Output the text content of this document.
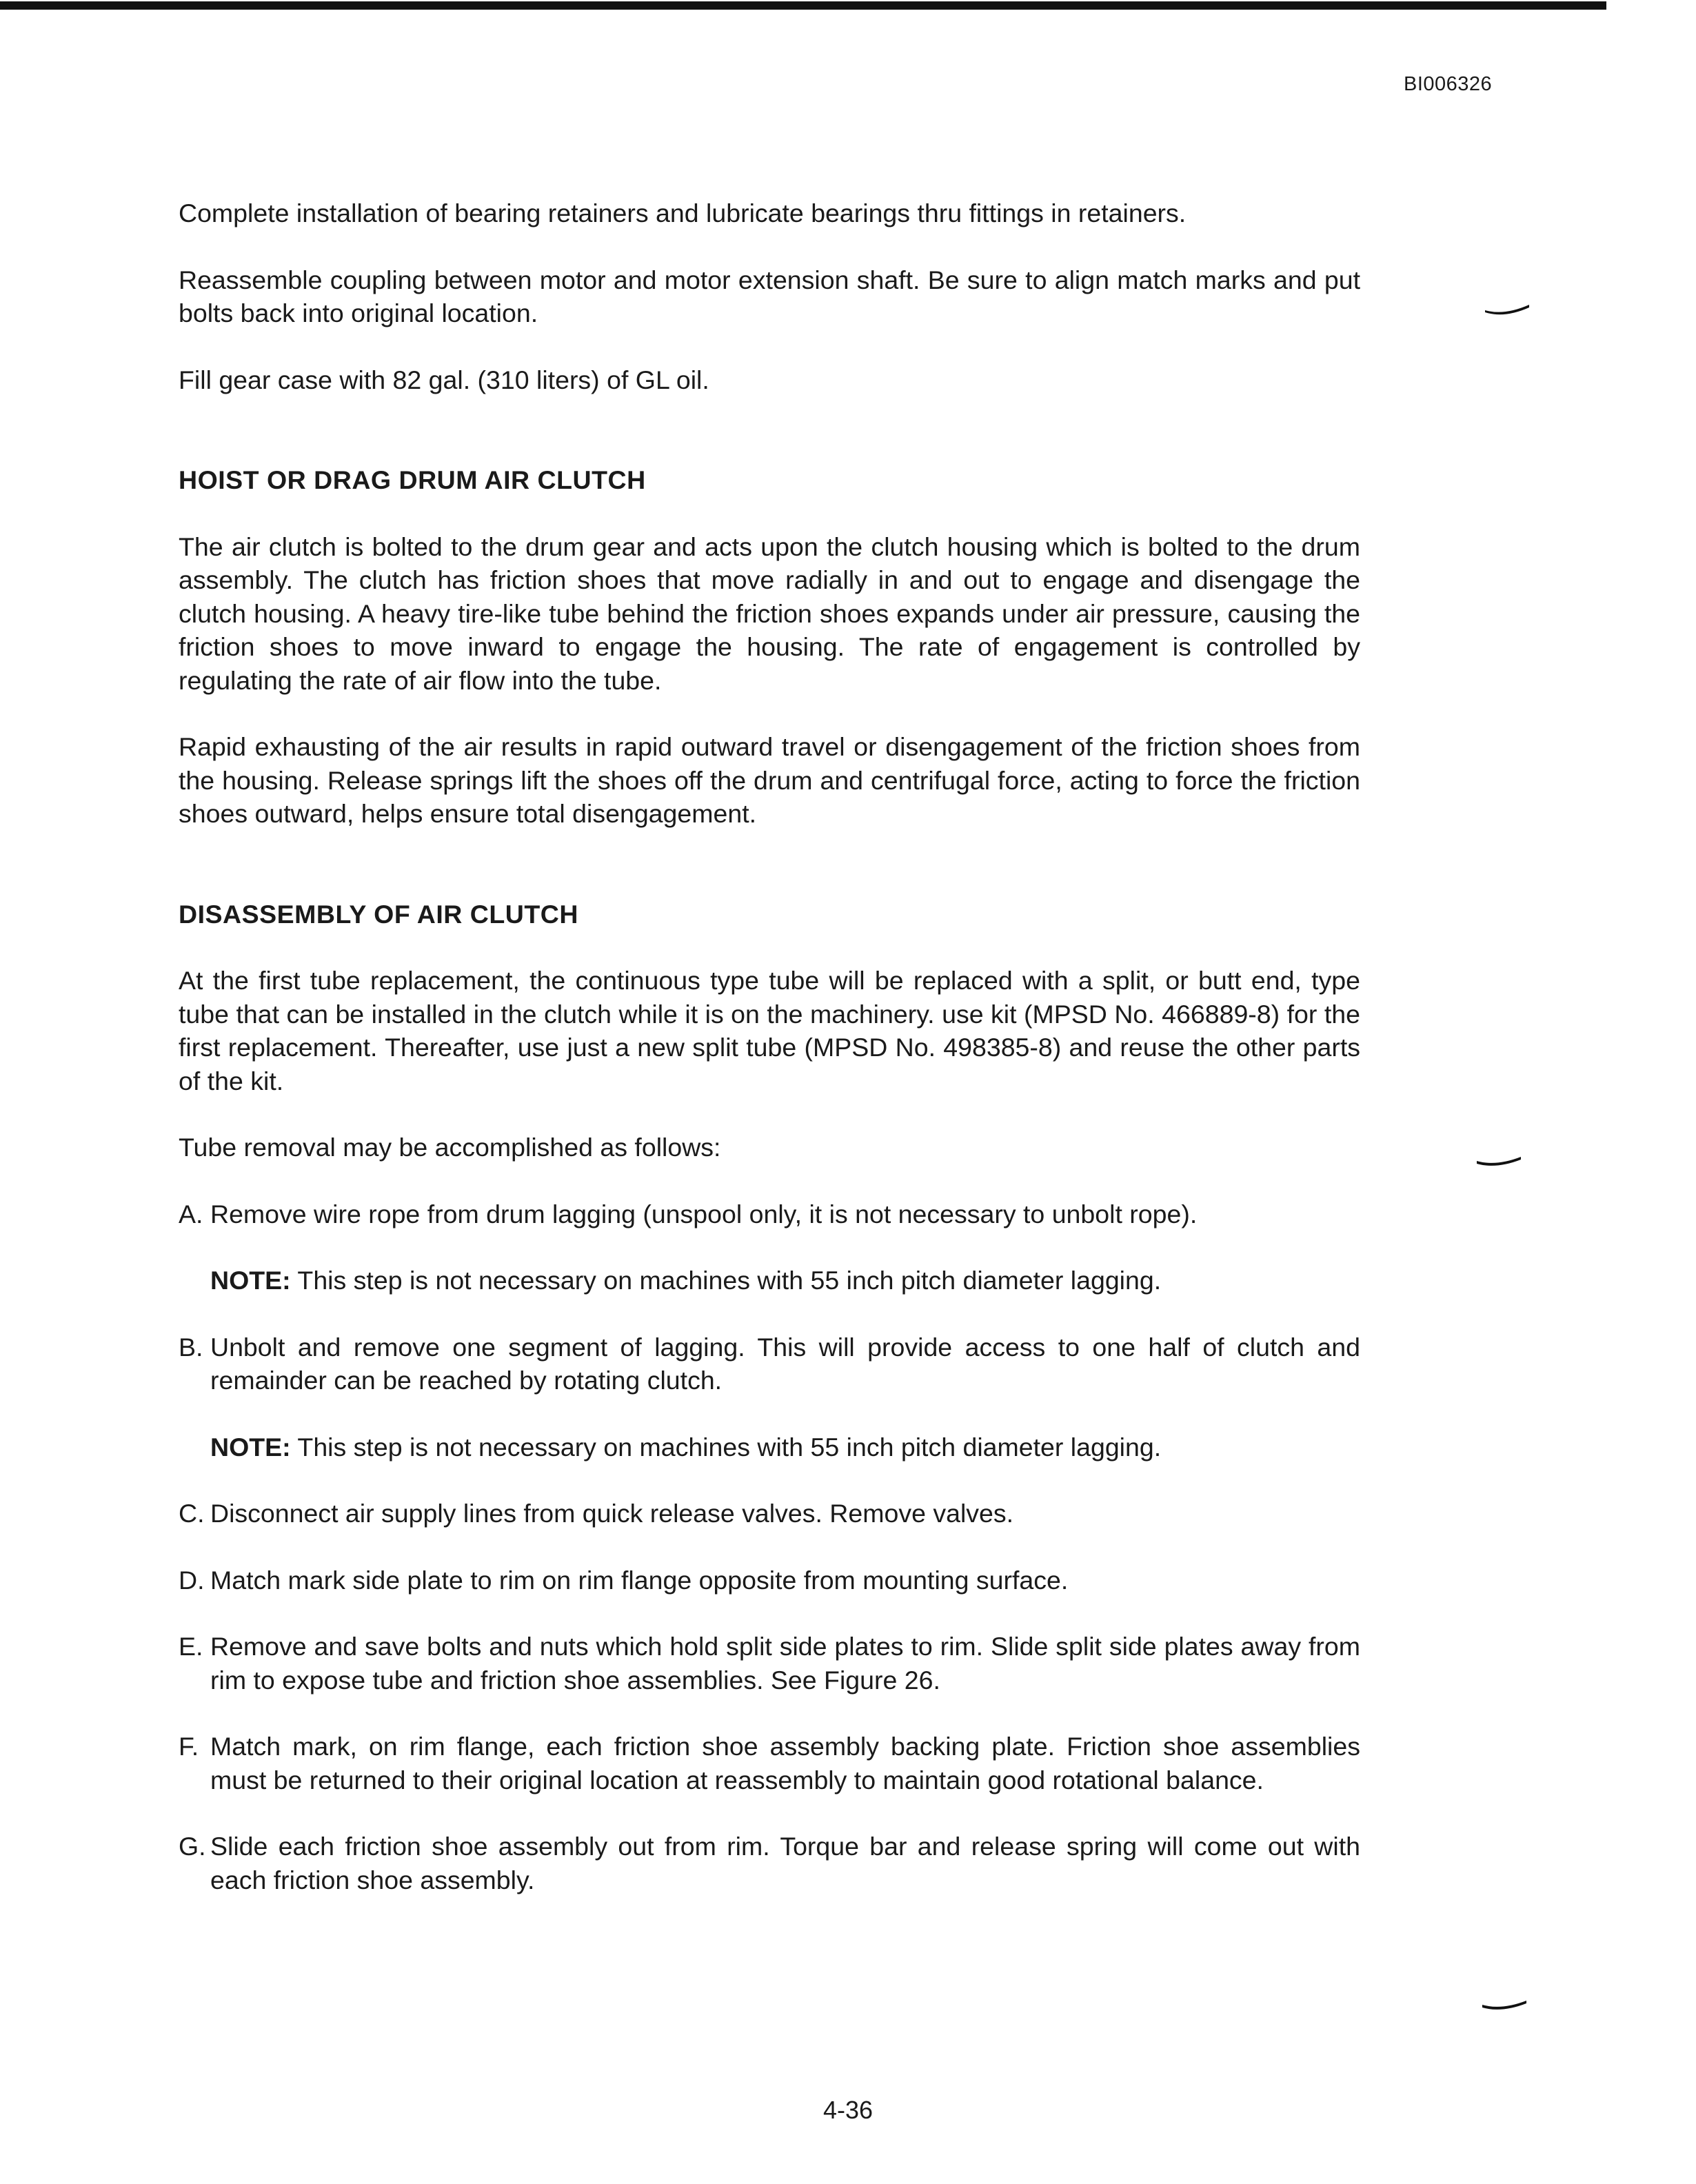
BI006326

Complete installation of bearing retainers and lubricate bearings thru fittings in retainers.

Reassemble coupling between motor and motor extension shaft. Be sure to align match marks and put bolts back into original location.

Fill gear case with 82 gal. (310 liters) of GL oil.

HOIST OR DRAG DRUM AIR CLUTCH

The air clutch is bolted to the drum gear and acts upon the clutch housing which is bolted to the drum assembly. The clutch has friction shoes that move radially in and out to engage and disengage the clutch housing. A heavy tire-like tube behind the friction shoes expands under air pressure, causing the friction shoes to move inward to engage the housing. The rate of engagement is controlled by regulating the rate of air flow into the tube.

Rapid exhausting of the air results in rapid outward travel or disengagement of the friction shoes from the housing. Release springs lift the shoes off the drum and centrifugal force, acting to force the friction shoes outward, helps ensure total disengagement.

DISASSEMBLY OF AIR CLUTCH

At the first tube replacement, the continuous type tube will be replaced with a split, or butt end, type tube that can be installed in the clutch while it is on the machinery. use kit (MPSD No. 466889-8) for the first replacement. Thereafter, use just a new split tube (MPSD No. 498385-8) and reuse the other parts of the kit.

Tube removal may be accomplished as follows:

A. Remove wire rope from drum lagging (unspool only, it is not necessary to unbolt rope).

NOTE: This step is not necessary on machines with 55 inch pitch diameter lagging.

B. Unbolt and remove one segment of lagging. This will provide access to one half of clutch and remainder can be reached by rotating clutch.

NOTE: This step is not necessary on machines with 55 inch pitch diameter lagging.

C. Disconnect air supply lines from quick release valves. Remove valves.

D. Match mark side plate to rim on rim flange opposite from mounting surface.

E. Remove and save bolts and nuts which hold split side plates to rim. Slide split side plates away from rim to expose tube and friction shoe assemblies. See Figure 26.

F. Match mark, on rim flange, each friction shoe assembly backing plate. Friction shoe assemblies must be returned to their original location at reassembly to maintain good rotational balance.

G. Slide each friction shoe assembly out from rim. Torque bar and release spring will come out with each friction shoe assembly.

4-36
